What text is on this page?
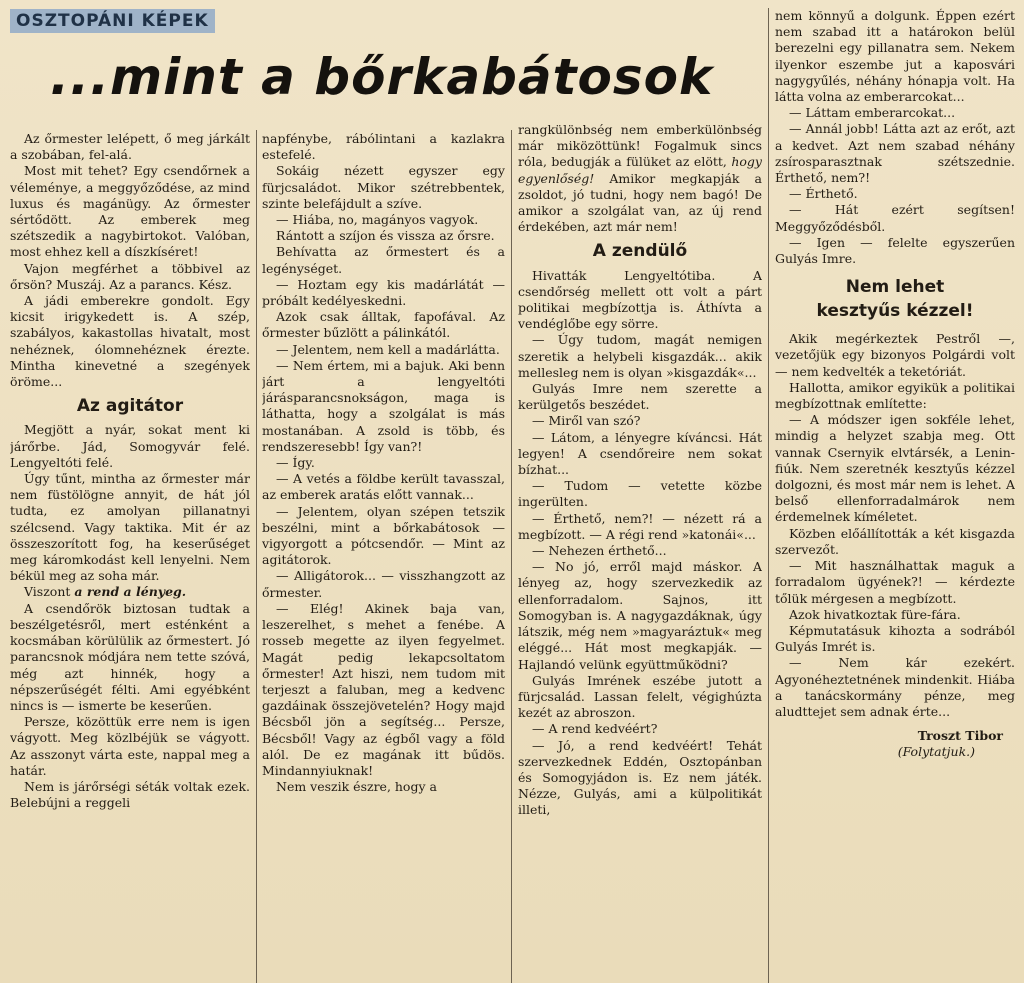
OSZTOPÁNI KÉPEK
...mint a bőrkabátosok

Az őrmester lelépett, ő meg járkált a szobában, fel-alá.

Most mit tehet? Egy csendőrnek a véleménye, a meggyőződése, az mind luxus és magánügy. Az őrmester sértődött. Az emberek meg szétszedik a nagybirtokot. Valóban, most ehhez kell a díszkíséret!

Vajon megférhet a többivel az őrsön? Muszáj. Az a parancs. Kész.

A jádi emberekre gondolt. Egy kicsit irigykedett is. A szép, szabályos, kakastollas hivatalt, most nehéznek, ólomnehéznek érezte. Mintha kinevetné a szegények öröme...

Az agitátor

Megjött a nyár, sokat ment ki járőrbe. Jád, Somogyvár felé. Lengyeltóti felé.

Úgy tűnt, mintha az őrmester már nem füstölögne annyit, de hát jól tudta, ez amolyan pillanatnyi szélcsend. Vagy taktika. Mit ér az összeszorított fog, ha keserűséget meg káromkodást kell lenyelni. Nem békül meg az soha már.

Viszont a rend a lényeg.

A csendőrök biztosan tudtak a beszélgetésről, mert esténként a kocsmában körülülik az őrmestert. Jó parancsnok módjára nem tette szóvá, még azt hinnék, hogy a népszerűségét félti. Ami egyébként nincs is — ismerte be keserűen.

Persze, közöttük erre nem is igen vágyott. Meg közlbéjük se vágyott. Az asszonyt várta este, nappal meg a határ.

Nem is járőrségi séták voltak ezek. Belebújni a reggeli

napfénybe, rábólintani a kazlakra estefelé.

Sokáig nézett egyszer egy fürjcsaládot. Mikor szétrebbentek, szinte belefájdult a szíve.

— Hiába, no, magányos vagyok.

Rántott a szíjon és vissza az őrsre.

Behívatta az őrmestert és a legénységet.

— Hoztam egy kis madárlátát — próbált kedélyeskedni.

Azok csak álltak, fapofával. Az őrmester bűzlött a pálinkától.

— Jelentem, nem kell a madárlátta.

— Nem értem, mi a bajuk. Aki benn járt a lengyeltóti járásparancsnokságon, maga is láthatta, hogy a szolgálat is más mostanában. A zsold is több, és rendszeresebb! Így van?!

— Így.

— A vetés a földbe került tavasszal, az emberek aratás előtt vannak...

— Jelentem, olyan szépen tetszik beszélni, mint a bőrkabátosok — vigyorgott a pótcsendőr. — Mint az agitátorok.

— Alligátorok... — visszhangzott az őrmester.

— Elég! Akinek baja van, leszerelhet, s mehet a fenébe. A rosseb megette az ilyen fegyelmet. Magát pedig lekapcsoltatom őrmester! Azt hiszi, nem tudom mit terjeszt a faluban, meg a kedvenc gazdáinak összejövetelén? Hogy majd Bécsből jön a segítség... Persze, Bécsből! Vagy az égből vagy a föld alól. De ez magának itt bűdös. Mindannyiuknak!

Nem veszik észre, hogy a

rangkülönbség nem emberkülönbség már miközöttünk! Fogalmuk sincs róla, bedugják a fülüket az elött, hogy egyenlőség! Amikor megkapják a zsoldot, jó tudni, hogy nem bagó! De amikor a szolgálat van, az új rend érdekében, azt már nem!

A zendülő

Hivatták Lengyeltótiba. A csendőrség mellett ott volt a párt politikai megbízottja is. Áthívta a vendéglőbe egy sörre.

— Úgy tudom, magát nemigen szeretik a helybeli kisgazdák... akik mellesleg nem is olyan »kisgazdák«...

Gulyás Imre nem szerette a kerülgetős beszédet.

— Miről van szó?

— Látom, a lényegre kíváncsi. Hát legyen! A csendőreire nem sokat bízhat...

— Tudom — vetette közbe ingerülten.

— Érthető, nem?! — nézett rá a megbízott. — A régi rend »katonái«...

— Nehezen érthető...

— No jó, erről majd máskor. A lényeg az, hogy szervezkedik az ellenforradalom. Sajnos, itt Somogyban is. A nagygazdáknak, úgy látszik, még nem »magyaráztuk« meg eléggé... Hát most megkapják. — Hajlandó velünk együttműködni?

Gulyás Imrének eszébe jutott a fürjcsalád. Lassan felelt, végighúzta kezét az abroszon.

— A rend kedvéért?

— Jó, a rend kedvéért! Tehát szervezkednek Eddén, Osztopánban és Somogyjádon is. Ez nem játék. Nézze, Gulyás, ami a külpolitikát illeti,

nem könnyű a dolgunk. Éppen ezért nem szabad itt a határokon belül berezelni egy pillanatra sem. Nekem ilyenkor eszembe jut a kaposvári nagygyűlés, néhány hónapja volt. Ha látta volna az emberarcokat...

— Láttam emberarcokat...

— Annál jobb! Látta azt az erőt, azt a kedvet. Azt nem szabad néhány zsírosparasztnak szétszednie. Érthető, nem?!

— Érthető.

— Hát ezért segítsen! Meggyőződésből.

— Igen — felelte egyszerűen Gulyás Imre.

Nem lehet
kesztyűs kézzel!

Akik megérkeztek Pestről —, vezetőjük egy bizonyos Polgárdi volt — nem kedvelték a teketóriát.

Hallotta, amikor egyikük a politikai megbízottnak említette:

— A módszer igen sokféle lehet, mindig a helyzet szabja meg. Ott vannak Csernyik elvtársék, a Lenin-fiúk. Nem szeretnék kesztyűs kézzel dolgozni, és most már nem is lehet. A belső ellenforradalmárok nem érdemelnek kíméletet.

Közben előállították a két kisgazda szervezőt.

— Mit használhattak maguk a forradalom ügyének?! — kérdezte tőlük mérgesen a megbízott.

Azok hivatkoztak füre-fára.

Képmutatásuk kihozta a sodrából Gulyás Imrét is.

— Nem kár ezekért. Agyonéheztetnének mindenkit. Hiába a tanácskormány pénze, meg aludttejet sem adnak érte...

Troszt Tibor
(Folytatjuk.)
